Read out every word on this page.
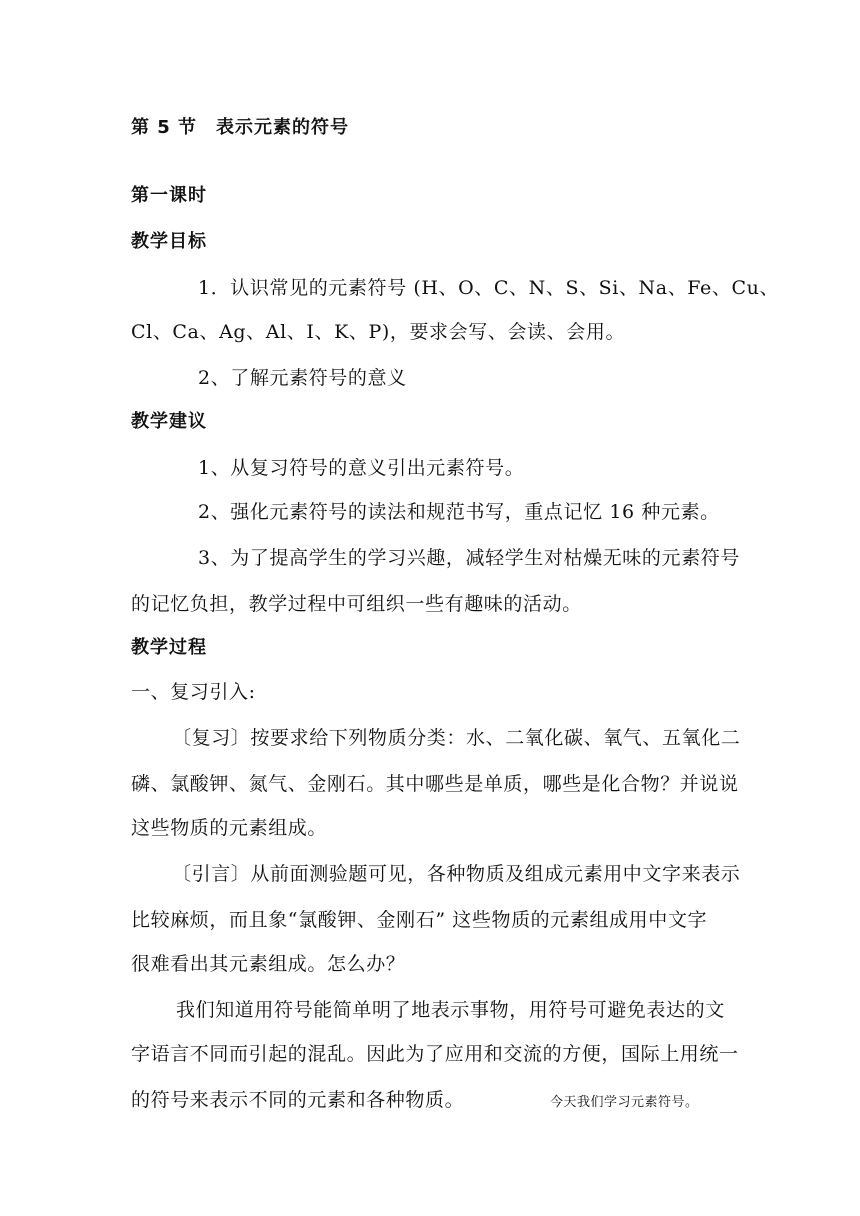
第 5 节　表示元素的符号
第一课时
教学目标
1．认识常见的元素符号 (H、O、C、N、S、Si、Na、Fe、Cu、
Cl、Ca、Ag、Al、I、K、P)，要求会写、会读、会用。
2、了解元素符号的意义
教学建议
1、从复习符号的意义引出元素符号。
2、强化元素符号的读法和规范书写，重点记忆 16 种元素。
3、为了提高学生的学习兴趣，减轻学生对枯燥无味的元素符号
的记忆负担，教学过程中可组织一些有趣味的活动。
教学过程
一、复习引入:
〔复习〕按要求给下列物质分类：水、二氧化碳、氧气、五氧化二
磷、氯酸钾、氮气、金刚石。其中哪些是单质，哪些是化合物？并说说
这些物质的元素组成。
〔引言〕从前面测验题可见，各种物质及组成元素用中文字来表示
比较麻烦，而且象“氯酸钾、金刚石” 这些物质的元素组成用中文字
很难看出其元素组成。怎么办？
我们知道用符号能简单明了地表示事物，用符号可避免表达的文
字语言不同而引起的混乱。因此为了应用和交流的方便，国际上用统一
的符号来表示不同的元素和各种物质。	今天我们学习元素符号。
